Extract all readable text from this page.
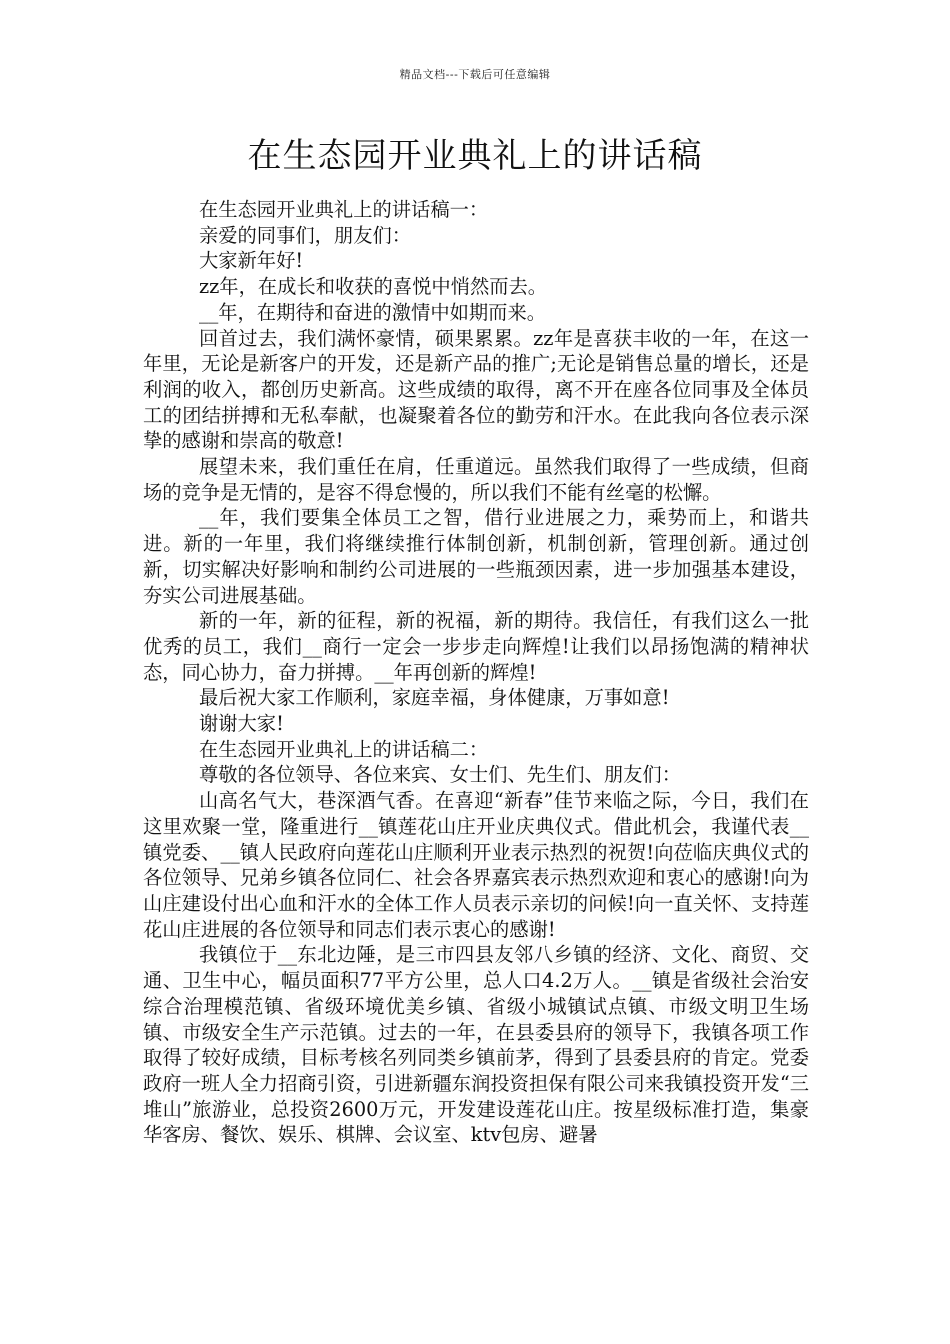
精品文档---下载后可任意编辑
在生态园开业典礼上的讲话稿

在生态园开业典礼上的讲话稿一：

亲爱的同事们，朋友们：

大家新年好!

zz年，在成长和收获的喜悦中悄然而去。

__年，在期待和奋进的激情中如期而来。

回首过去，我们满怀豪情，硕果累累。zz年是喜获丰收的一年，在这一年里，无论是新客户的开发，还是新产品的推广;无论是销售总量的增长，还是利润的收入，都创历史新高。这些成绩的取得，离不开在座各位同事及全体员工的团结拼搏和无私奉献，也凝聚着各位的勤劳和汗水。在此我向各位表示深挚的感谢和崇高的敬意!

展望未来，我们重任在肩，任重道远。虽然我们取得了一些成绩，但商场的竞争是无情的，是容不得怠慢的，所以我们不能有丝毫的松懈。

__年，我们要集全体员工之智，借行业进展之力，乘势而上，和谐共进。新的一年里，我们将继续推行体制创新，机制创新，管理创新。通过创新，切实解决好影响和制约公司进展的一些瓶颈因素，进一步加强基本建设，夯实公司进展基础。

新的一年，新的征程，新的祝福，新的期待。我信任，有我们这么一批优秀的员工，我们__商行一定会一步步走向辉煌!让我们以昂扬饱满的精神状态，同心协力，奋力拼搏。__年再创新的辉煌!

最后祝大家工作顺利，家庭幸福，身体健康，万事如意!

谢谢大家!

在生态园开业典礼上的讲话稿二：

尊敬的各位领导、各位来宾、女士们、先生们、朋友们：

山高名气大，巷深酒气香。在喜迎“新春”佳节来临之际，今日，我们在这里欢聚一堂，隆重进行__镇莲花山庄开业庆典仪式。借此机会，我谨代表__镇党委、__镇人民政府向莲花山庄顺利开业表示热烈的祝贺!向莅临庆典仪式的各位领导、兄弟乡镇各位同仁、社会各界嘉宾表示热烈欢迎和衷心的感谢!向为山庄建设付出心血和汗水的全体工作人员表示亲切的问候!向一直关怀、支持莲花山庄进展的各位领导和同志们表示衷心的感谢!

我镇位于__东北边陲，是三市四县友邻八乡镇的经济、文化、商贸、交通、卫生中心，幅员面积77平方公里，总人口4.2万人。__镇是省级社会治安综合治理模范镇、省级环境优美乡镇、省级小城镇试点镇、市级文明卫生场镇、市级安全生产示范镇。过去的一年，在县委县府的领导下，我镇各项工作取得了较好成绩，目标考核名列同类乡镇前茅，得到了县委县府的肯定。党委政府一班人全力招商引资，引进新疆东润投资担保有限公司来我镇投资开发“三堆山”旅游业，总投资2600万元，开发建设莲花山庄。按星级标准打造，集豪华客房、餐饮、娱乐、棋牌、会议室、ktv包房、避暑
